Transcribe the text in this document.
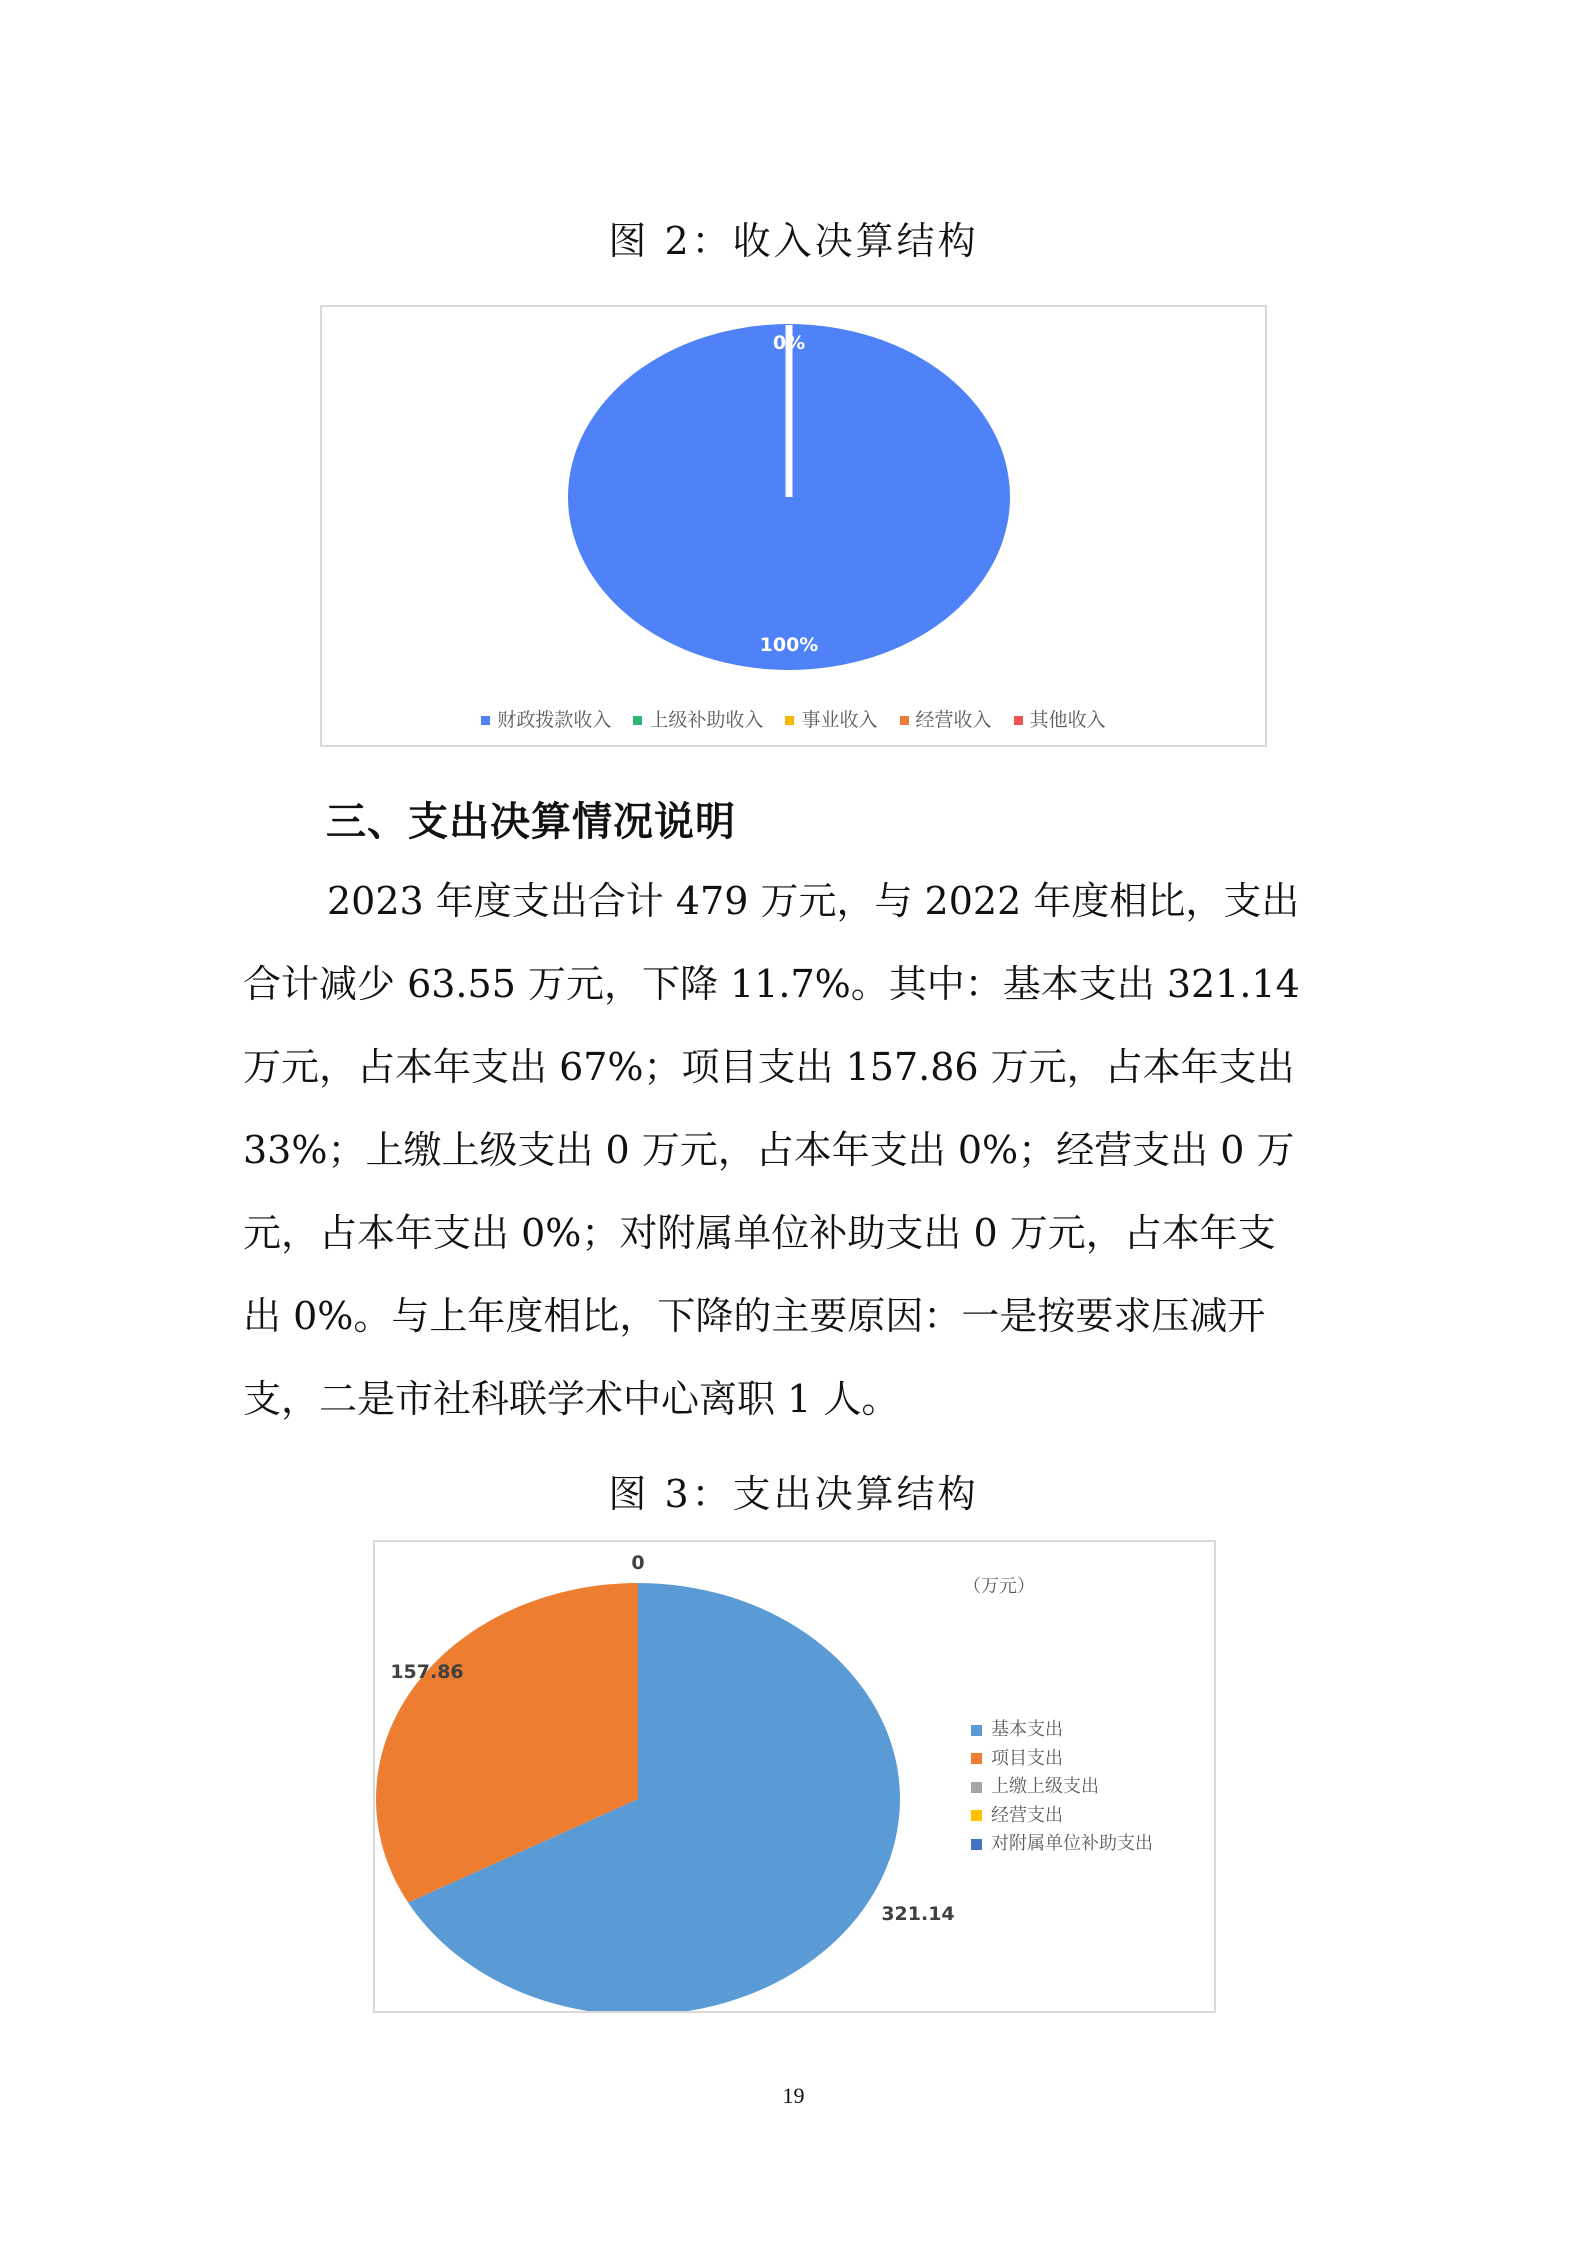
图 2：收入决算结构
0%
100%
财政拨款收入 上级补助收入 事业收入 经营收入 其他收入
三、支出决算情况说明
2023 年度支出合计 479 万元，与 2022 年度相比，支出
合计减少 63.55 万元，下降 11.7%。其中：基本支出 321.14
万元，占本年支出 67%；项目支出 157.86 万元，占本年支出
33%；上缴上级支出 0 万元，占本年支出 0%；经营支出 0 万
元，占本年支出 0%；对附属单位补助支出 0 万元，占本年支
出 0%。与上年度相比，下降的主要原因：一是按要求压减开
支，二是市社科联学术中心离职 1 人。
图 3：支出决算结构
0
157.86
321.14
（万元）
基本支出
项目支出
上缴上级支出
经营支出
对附属单位补助支出
19
